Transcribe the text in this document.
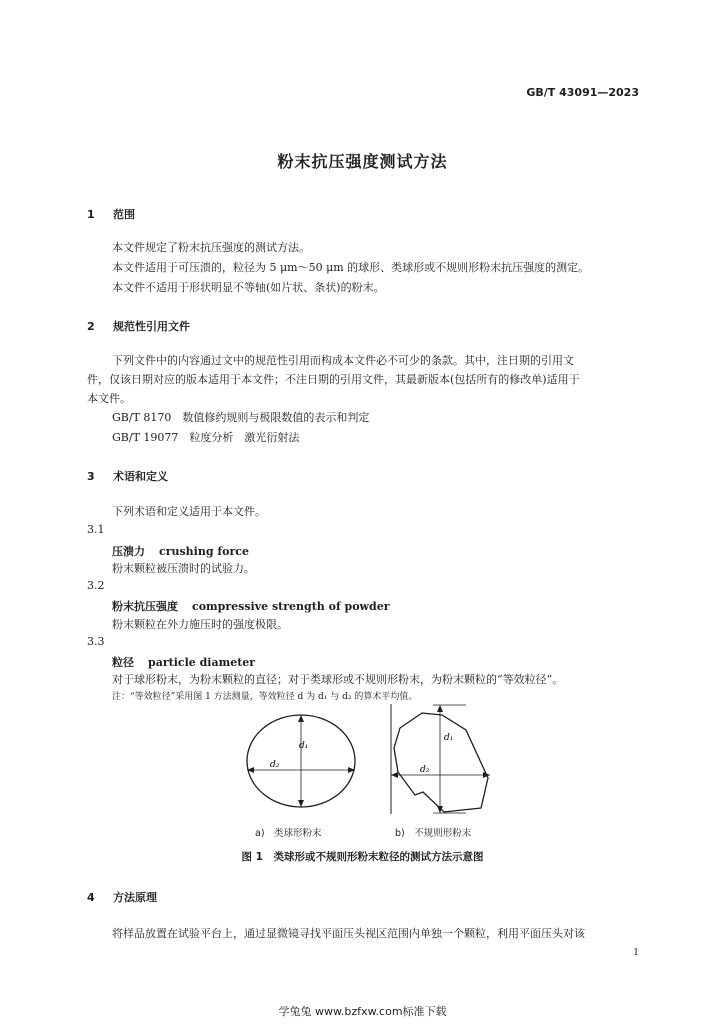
GB/T 43091—2023
粉末抗压强度测试方法
1 范围
本文件规定了粉末抗压强度的测试方法。
本文件适用于可压溃的，粒径为 5 μm～50 μm 的球形、类球形或不规则形粉末抗压强度的测定。
本文件不适用于形状明显不等轴(如片状、条状)的粉末。
2 规范性引用文件
下列文件中的内容通过文中的规范性引用而构成本文件必不可少的条款。其中，注日期的引用文
件，仅该日期对应的版本适用于本文件；不注日期的引用文件，其最新版本(包括所有的修改单)适用于
本文件。
GB/T 8170　数值修约规则与极限数值的表示和判定
GB/T 19077　粒度分析　激光衍射法
3 术语和定义
下列术语和定义适用于本文件。
3.1
压溃力 crushing force
粉末颗粒被压溃时的试验力。
3.2
粉末抗压强度 compressive strength of powder
粉末颗粒在外力施压时的强度极限。
3.3
粒径 particle diameter
对于球形粉末，为粉末颗粒的直径；对于类球形或不规则形粉末，为粉末颗粒的“等效粒径”。
注：“等效粒径”采用图 1 方法测量，等效粒径 d 为 d₁ 与 d₂ 的算术平均值。
d₁
d₂
d₁
d₂
a)　类球形粉末	b)　不规则形粉末
图 1　类球形或不规则形粉末粒径的测试方法示意图
4 方法原理
将样品放置在试验平台上，通过显微镜寻找平面压头视区范围内单独一个颗粒，利用平面压头对该
1
学兔兔 www.bzfxw.com标准下载
